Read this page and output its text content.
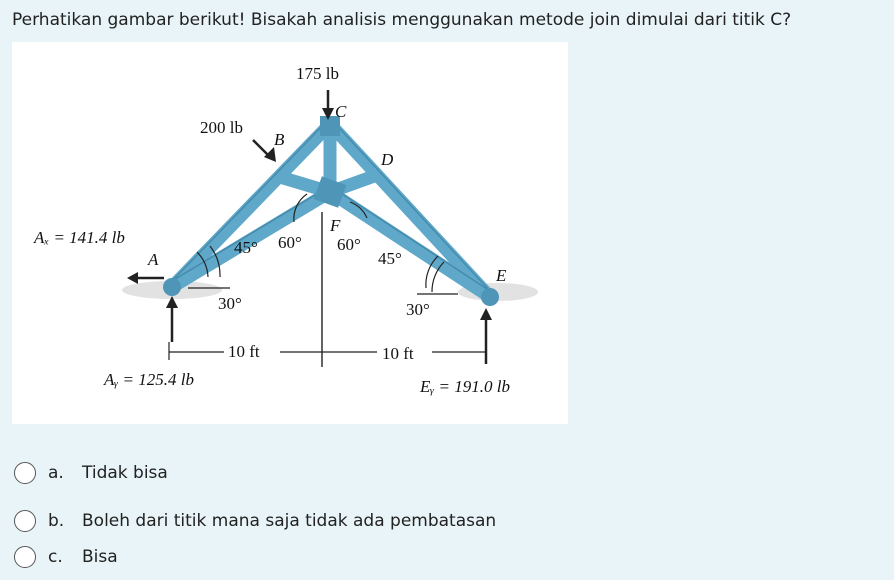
Perhatikan gambar berikut! Bisakah analisis menggunakan metode join dimulai dari titik C?
175 lb
200 lb
C
B
D
F
A
E
Aₓ = 141.4 lb
Aᵧ = 125.4 lb	Eᵧ = 191.0 lb
45° 60° 60°
45°
30°	30°
10 ft	10 ft
a.	Tidak bisa
b.	Boleh dari titik mana saja tidak ada pembatasan
c.	Bisa
